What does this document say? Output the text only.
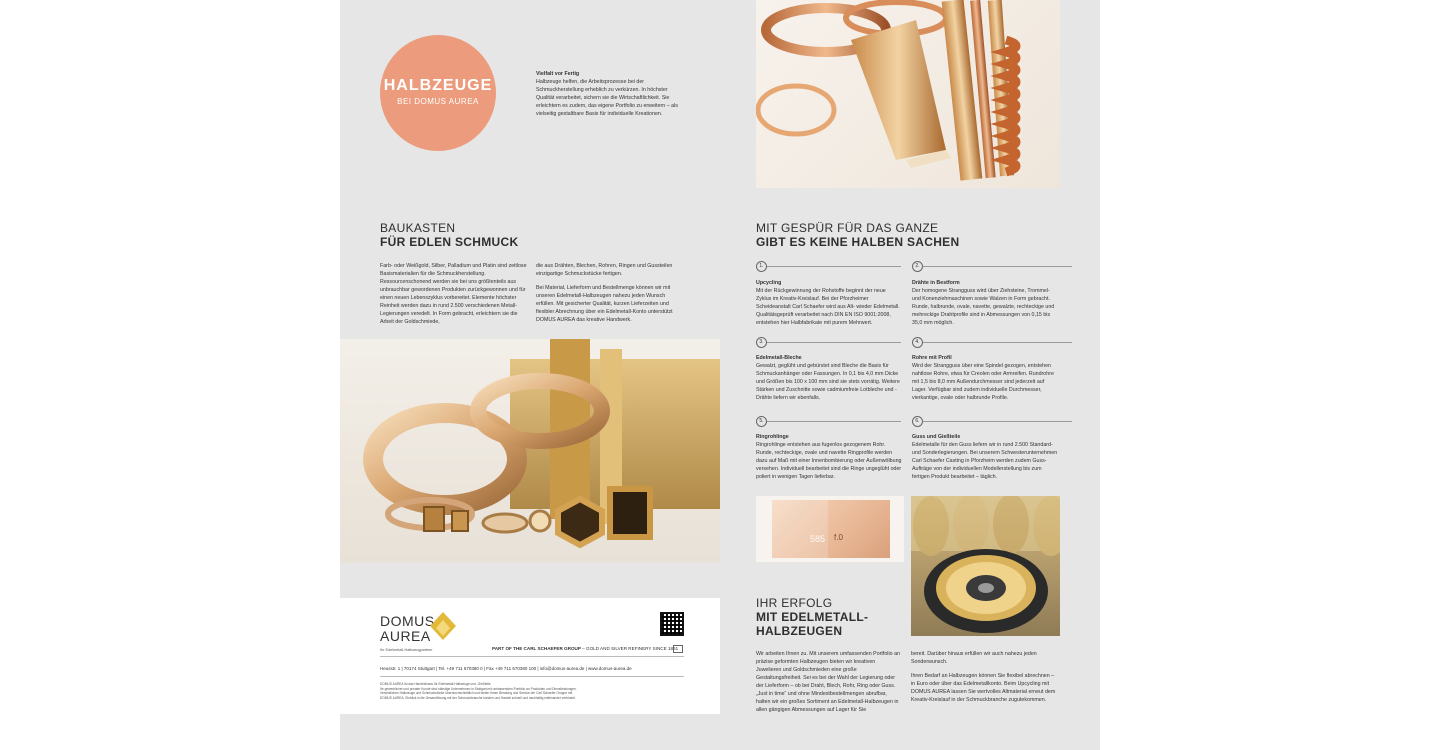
HALBZEUGE
BEI DOMUS AUREA
Vielfalt vor Fertig
Halbzeuge helfen, die Arbeitsprozesse bei der Schmuckherstellung erheblich zu verkürzen. In höchster Qualität verarbeitet, sichern sie die Wirtschaftlichkeit. Sie erleichtern es zudem, das eigene Portfolio zu erweitern – als vielseitig gestaltbare Basis für individuelle Kreationen.
BAUKASTEN
FÜR EDLEN SCHMUCK
Farb- oder Weißgold, Silber, Palladium und Platin sind zeitlose Basismaterialien für die Schmuckherstellung. Ressourcenschonend werden sie bei uns größtenteils aus unbrauchbar gewordenen Produkten zurückgewonnen und für einen neuen Lebenszyklus vorbereitet. Elemente höchster Reinheit werden dazu in rund 2.500 verschiedenen Metall-Legierungen veredelt. In Form gebracht, erleichtern sie die Arbeit der Goldschmiede,
die aus Drähten, Blechen, Rohren, Ringen und Gussteilen einzigartige Schmuckstücke fertigen.
Bei Material, Lieferform und Bestellmenge können wir mit unseren Edelmetall-Halbzeugen nahezu jeden Wunsch erfüllen. Mit gesicherter Qualität, kurzen Lieferzeiten und flexibler Abrechnung über ein Edelmetall-Konto unterstützt DOMUS AUREA das kreative Handwerk.
DOMUS
AUREA
Ihr Edelmetall-Halbzeugpartner	PART OF THE CARL SCHAEFER GROUP – GOLD AND SILVER REFINERY SINCE 1861
Heusstr. 1 | 70174 Stuttgart | Tel. +49 711 670380 0 | Fax +49 711 670380 100 | info@domus-aurea.de | www.domus-aurea.de
DOMUS AUREA ist das Handelshaus für Edelmetall-Halbzeuge und -Gießteile.
Ihr gewerblicher und privater Kunde sind ständige Unternehmen in Stuttgart mit umfassendem Portfolio an Produkten und Dienstleistungen.
Verwirklichen Halbzeuge und Schmuckstücke überdurchschnittlich und bieten Ihnen Beratung und Service der Carl Schaefer Gruppe mit
DOMUS AUREA. Einblick in die Gesamtlösung mit der Schmuckbranche kunden und Handel schnell und nachhaltig miteinander verbindet.
MIT GESPÜR FÜR DAS GANZE
GIBT ES KEINE HALBEN SACHEN
1.
Upcycling
Mit der Rückgewinnung der Rohstoffe beginnt der neue Zyklus im Kreativ-Kreislauf. Bei der Pforzheimer Scheideanstalt Carl Schaefer wird aus Alt- wieder Edelmetall. Qualitätsgeprüft verarbeitet nach DIN EN ISO 9001:2008, entstehen hier Halbfabrikate mit purem Mehrwert.
2.
Drähte in Bestform
Der homogene Strangguss wird über Ziehsteine, Trommel- und Konenziehmaschinen sowie Walzen in Form gebracht. Runde, halbrunde, ovale, navette, gewalzte, rechteckige und mehreckige Drahtprofile sind in Abmessungen von 0,15 bis 35,0 mm möglich.
3.
Edelmetall-Bleche
Gewalzt, geglüht und gebürstet sind Bleche die Basis für Schmuckanhänger oder Fassungen. In 0,1 bis 4,0 mm Dicke und Größen bis 100 x 100 mm sind sie stets vorrätig. Weitere Stärken und Zuschnitte sowie cadmiumfreie Lotbleche und -Drähte liefern wir ebenfalls.
4.
Rohre mit Profil
Wird der Strangguss über eine Spindel gezogen, entstehen nahtlose Rohre, etwa für Creolen oder Armreifen. Rundrohre mit 1,5 bis 8,0 mm Außendurchmesser sind jederzeit auf Lager. Verfügbar sind zudem individuelle Durchmesser, vierkantige, ovale oder halbrunde Profile.
5.
Ringrohlinge
Ringrohlinge entstehen aus fugenlos gezogenem Rohr. Runde, rechteckige, ovale und navette Ringprofile werden dazu auf Maß mit einer Innenbombierung oder Außenwölbung versehen. Individuell bearbeitet sind die Ringe ungeglüht oder poliert in wenigen Tagen lieferbar.
6.
Guss und Gießteile
Edelmetalle für den Guss liefern wir in rund 2.500 Standard- und Sonderlegierungen. Bei unserem Schwesterunternehmen Carl Schaefer Casting in Pforzheim werden zudem Guss-Aufträge von der individuellen Modellerstellung bis zum fertigen Produkt bearbeitet – täglich.
585 f.0
IHR ERFOLG
MIT EDELMETALL-
HALBZEUGEN
Wir arbeiten Ihnen zu. Mit unserem umfassenden Portfolio an präzise geformten Halbzeugen bieten wir kreativen Juwelieren und Goldschmieden eine große Gestaltungsfreiheit. Sei es bei der Wahl der Legierung oder der Lieferform – ob bei Draht, Blech, Rohr, Ring oder Guss. „Just in time“ und ohne Mindestbestellmengen abrufbar, halten wir ein großes Sortiment an Edelmetall-Halbzeugen in allen gängigen Abmessungen auf Lager für Sie
bereit. Darüber hinaus erfüllen wir auch nahezu jeden Sonderwunsch.
Ihren Bedarf an Halbzeugen können Sie flexibel abrechnen – in Euro oder über das Edelmetallkonto. Beim Upcycling mit DOMUS AUREA lassen Sie wertvolles Altmaterial erneut dem Kreativ-Kreislauf in der Schmuckbranche zugutekommen.
